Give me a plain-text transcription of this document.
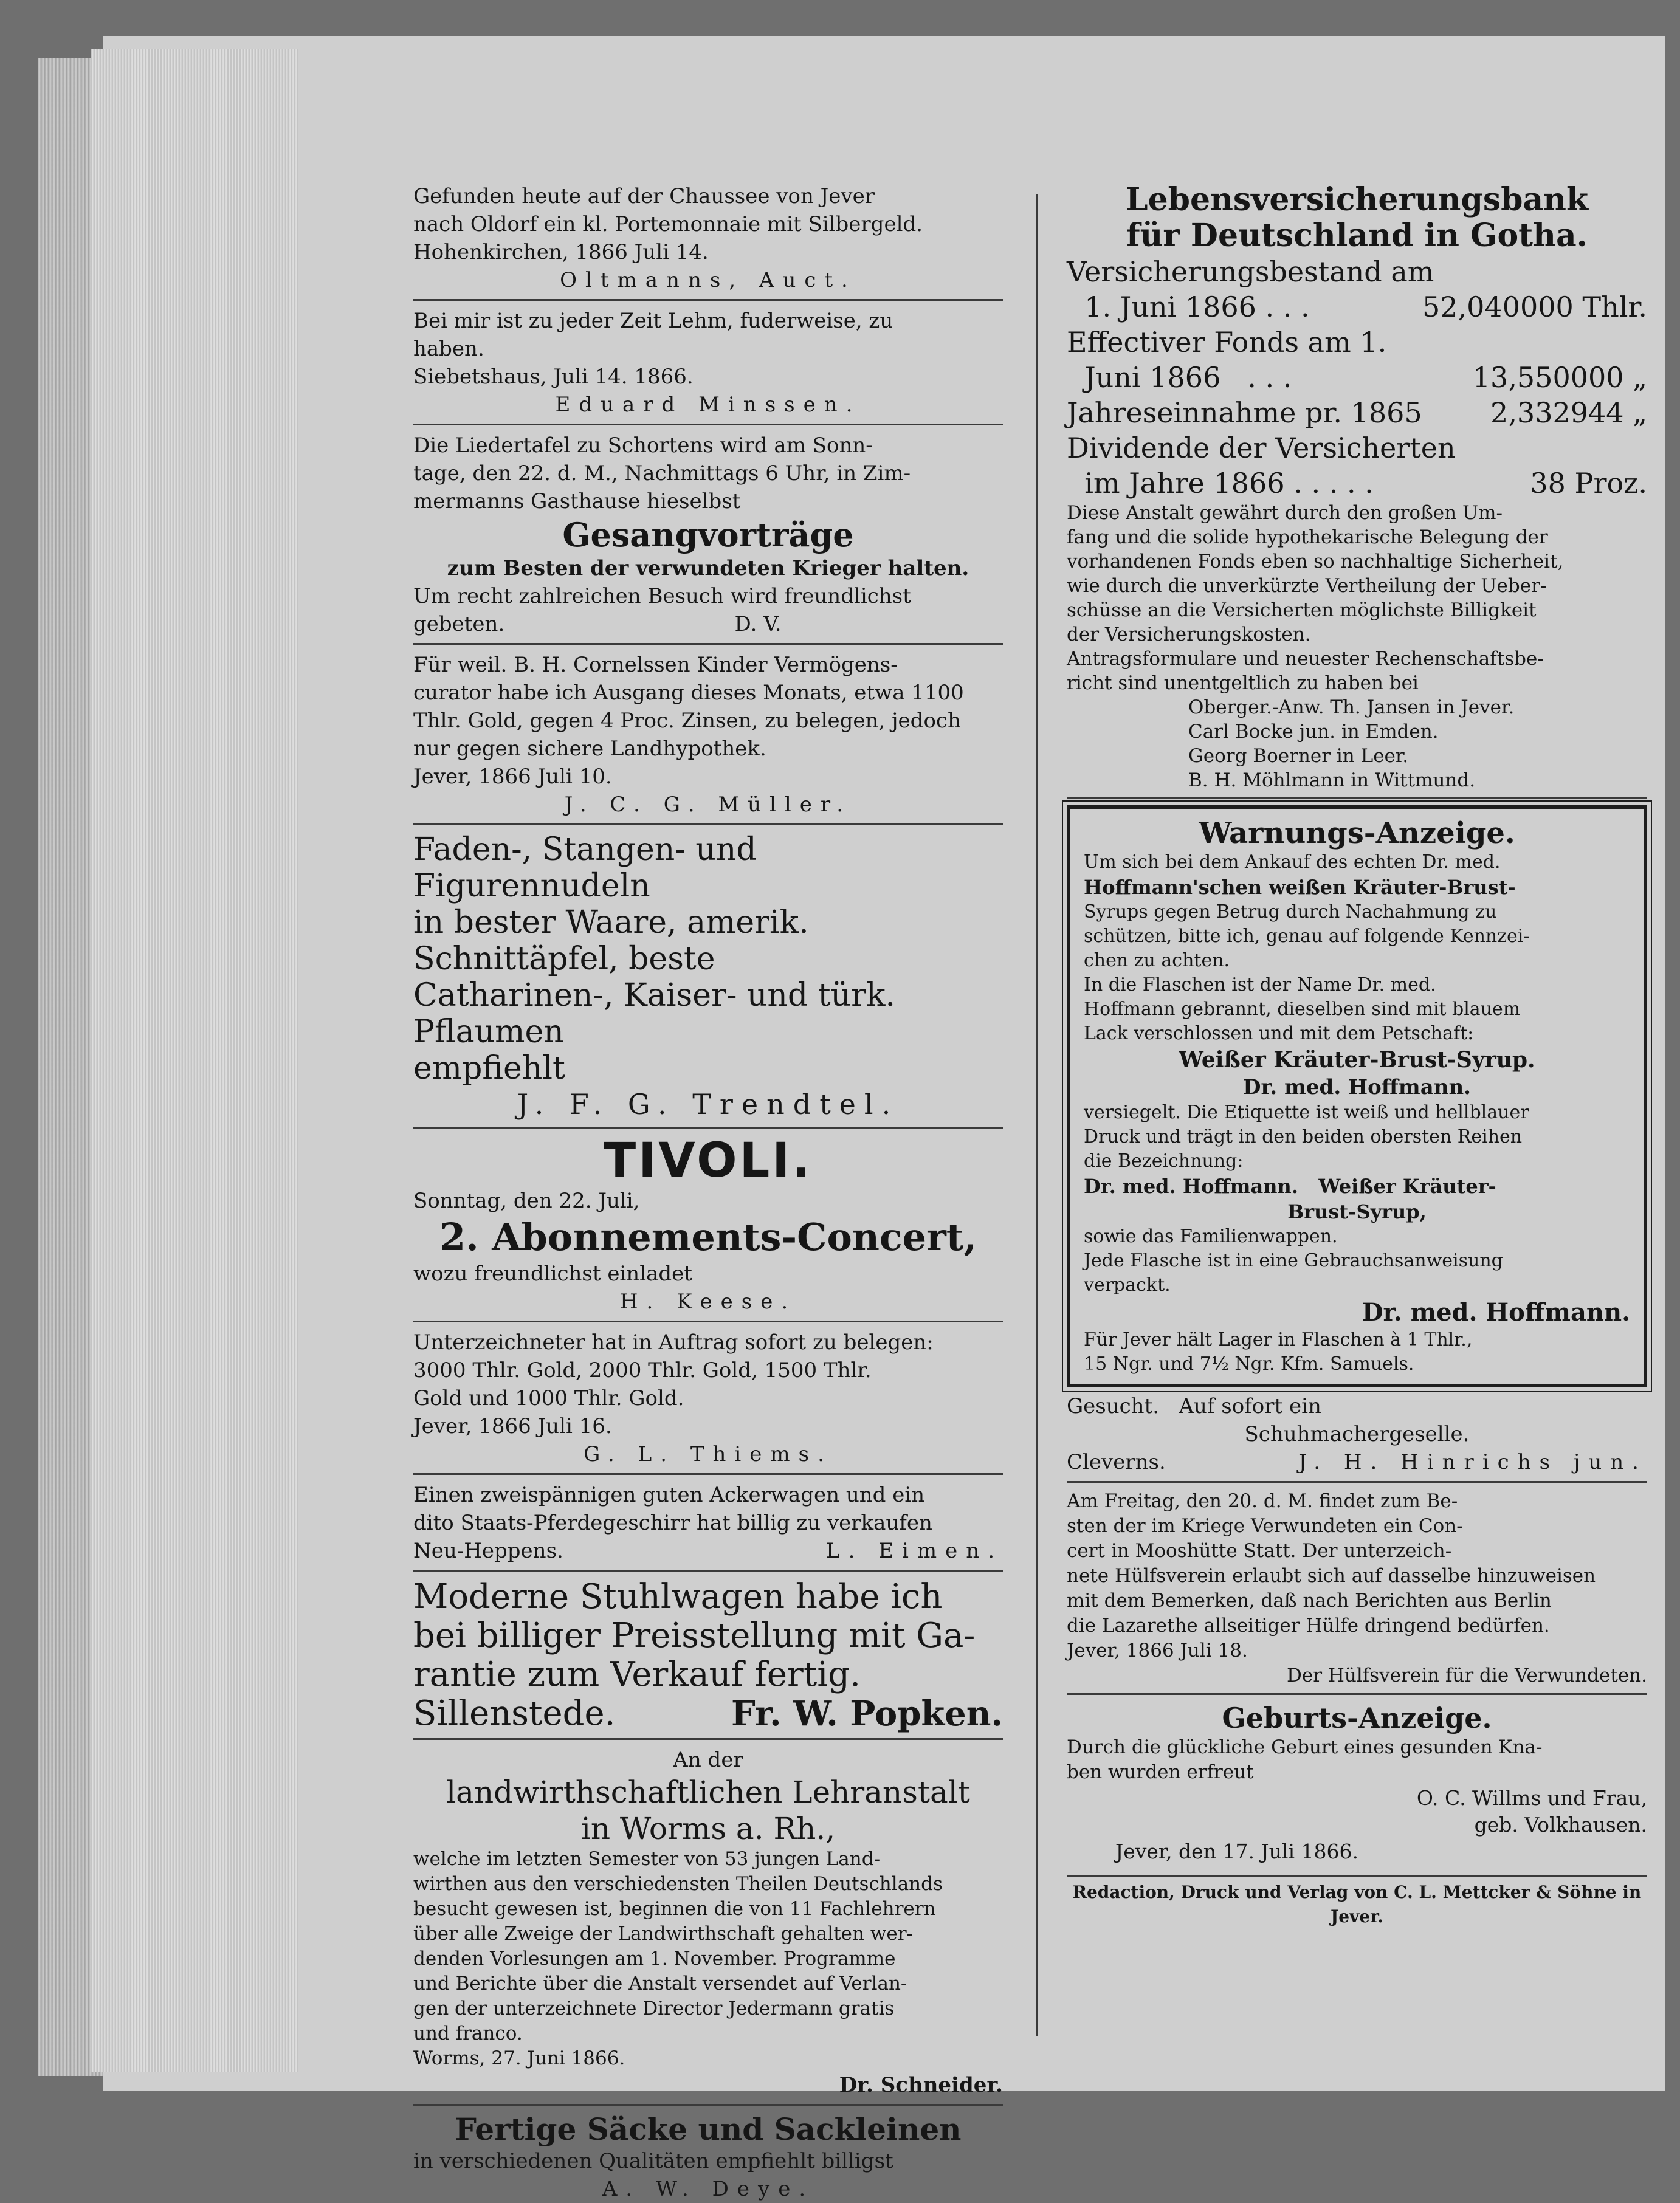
Gefunden heute auf der Chaussee von Jever
nach Oldorf ein kl. Portemonnaie mit Silbergeld.
Hohenkirchen, 1866 Juli 14.
Oltmanns, Auct.
Bei mir ist zu jeder Zeit Lehm, fuderweise, zu
haben.
Siebetshaus, Juli 14. 1866.
Eduard Minssen.
Die Liedertafel zu Schortens wird am Sonn-
tage, den 22. d. M., Nachmittags 6 Uhr, in Zim-
mermanns Gasthause hieselbst
Gesangvorträge
zum Besten der verwundeten Krieger halten.
Um recht zahlreichen Besuch wird freundlichst
gebeten.                                   D. V.
Für weil. B. H. Cornelssen Kinder Vermögens-
curator habe ich Ausgang dieses Monats, etwa 1100
Thlr. Gold, gegen 4 Proc. Zinsen, zu belegen, jedoch
nur gegen sichere Landhypothek.
Jever, 1866 Juli 10.
J. C. G. Müller.
Faden-, Stangen- und Figurennudeln
in bester Waare, amerik. Schnittäpfel, beste
Catharinen-, Kaiser- und türk. Pflaumen
empfiehlt
J. F. G. Trendtel.
TIVOLI.
Sonntag, den 22. Juli,
2. Abonnements-Concert,
wozu freundlichst einladet
H. Keese.
Unterzeichneter hat in Auftrag sofort zu belegen:
3000 Thlr. Gold, 2000 Thlr. Gold, 1500 Thlr.
Gold und 1000 Thlr. Gold.
Jever, 1866 Juli 16.
G. L. Thiems.
Einen zweispännigen guten Ackerwagen und ein
dito Staats-Pferdegeschirr hat billig zu verkaufen
Neu-Heppens.	L. Eimen.
Moderne Stuhlwagen habe ich
bei billiger Preisstellung mit Ga-
rantie zum Verkauf fertig.
Sillenstede.	Fr. W. Popken.
An der
landwirthschaftlichen Lehranstalt
in Worms a. Rh.,
welche im letzten Semester von 53 jungen Land-
wirthen aus den verschiedensten Theilen Deutschlands
besucht gewesen ist, beginnen die von 11 Fachlehrern
über alle Zweige der Landwirthschaft gehalten wer-
denden Vorlesungen am 1. November. Programme
und Berichte über die Anstalt versendet auf Verlan-
gen der unterzeichnete Director Jedermann gratis
und franco.
Worms, 27. Juni 1866.
Dr. Schneider.
Fertige Säcke und Sackleinen
in verschiedenen Qualitäten empfiehlt billigst
A. W. Deye.
Lebensversicherungsbank
für Deutschland in Gotha.
Versicherungsbestand am
1. Juni 1866 . . .	52,040000 Thlr.
Effectiver Fonds am 1.
Juni 1866   . . .	13,550000 „
Jahreseinnahme pr. 1865 2,332944 „
Dividende der Versicherten
im Jahre 1866 . . . . .	38 Proz.
Diese Anstalt gewährt durch den großen Um-
fang und die solide hypothekarische Belegung der
vorhandenen Fonds eben so nachhaltige Sicherheit,
wie durch die unverkürzte Vertheilung der Ueber-
schüsse an die Versicherten möglichste Billigkeit
der Versicherungskosten.
Antragsformulare und neuester Rechenschaftsbe-
richt sind unentgeltlich zu haben bei
Oberger.-Anw. Th. Jansen in Jever.
Carl Bocke jun. in Emden.
Georg Boerner in Leer.
B. H. Möhlmann in Wittmund.
Warnungs-Anzeige.
Um sich bei dem Ankauf des echten Dr. med.
Hoffmann'schen weißen Kräuter-Brust-
Syrups gegen Betrug durch Nachahmung zu
schützen, bitte ich, genau auf folgende Kennzei-
chen zu achten.
In die Flaschen ist der Name Dr. med.
Hoffmann gebrannt, dieselben sind mit blauem
Lack verschlossen und mit dem Petschaft:
Weißer Kräuter-Brust-Syrup.
Dr. med. Hoffmann.
versiegelt. Die Etiquette ist weiß und hellblauer
Druck und trägt in den beiden obersten Reihen
die Bezeichnung:
Dr. med. Hoffmann.   Weißer Kräuter-
Brust-Syrup,
sowie das Familienwappen.
Jede Flasche ist in eine Gebrauchsanweisung
verpackt.
Dr. med. Hoffmann.
Für Jever hält Lager in Flaschen à 1 Thlr.,
15 Ngr. und 7½ Ngr. Kfm. Samuels.
Gesucht.   Auf sofort ein
Schuhmachergeselle.
Cleverns.	J. H. Hinrichs jun.
Am Freitag, den 20. d. M. findet zum Be-
sten der im Kriege Verwundeten ein Con-
cert in Mooshütte Statt. Der unterzeich-
nete Hülfsverein erlaubt sich auf dasselbe hinzuweisen
mit dem Bemerken, daß nach Berichten aus Berlin
die Lazarethe allseitiger Hülfe dringend bedürfen.
Jever, 1866 Juli 18.
Der Hülfsverein für die Verwundeten.
Geburts-Anzeige.
Durch die glückliche Geburt eines gesunden Kna-
ben wurden erfreut
O. C. Willms und Frau,
geb. Volkhausen.
Jever, den 17. Juli 1866.
Redaction, Druck und Verlag von C. L. Mettcker & Söhne in Jever.
